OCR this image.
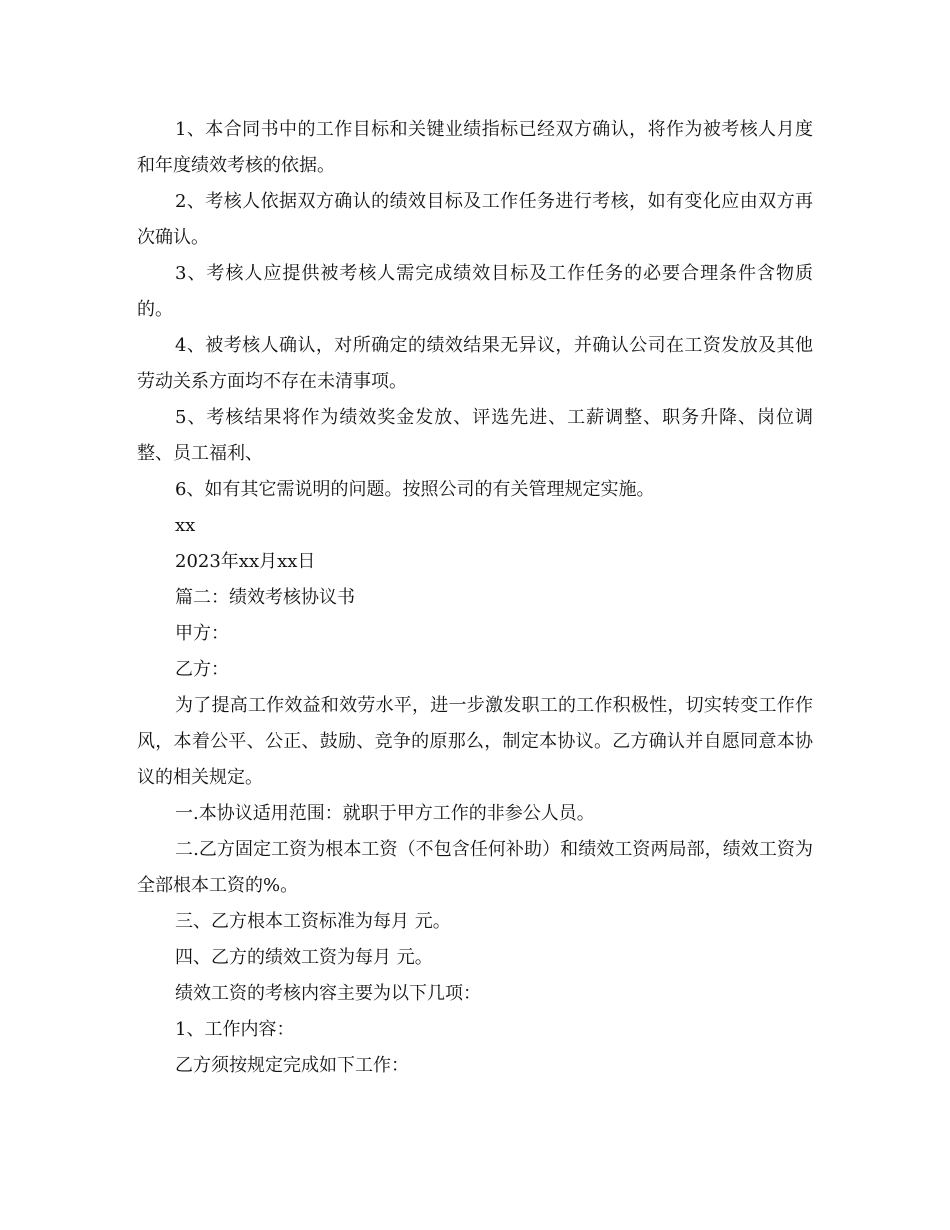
1、本合同书中的工作目标和关键业绩指标已经双方确认，将作为被考核人月度和年度绩效考核的依据。

2、考核人依据双方确认的绩效目标及工作任务进行考核，如有变化应由双方再次确认。

3、考核人应提供被考核人需完成绩效目标及工作任务的必要合理条件含物质的。

4、被考核人确认，对所确定的绩效结果无异议，并确认公司在工资发放及其他劳动关系方面均不存在未清事项。

5、考核结果将作为绩效奖金发放、评选先进、工薪调整、职务升降、岗位调整、员工福利、

6、如有其它需说明的问题。按照公司的有关管理规定实施。

xx

2023年xx月xx日

篇二：绩效考核协议书

甲方：

乙方：

为了提高工作效益和效劳水平，进一步激发职工的工作积极性，切实转变工作作风，本着公平、公正、鼓励、竞争的原那么，制定本协议。乙方确认并自愿同意本协议的相关规定。

一.本协议适用范围：就职于甲方工作的非参公人员。

二.乙方固定工资为根本工资（不包含任何补助）和绩效工资两局部，绩效工资为全部根本工资的%。

三、乙方根本工资标准为每月 元。

四、乙方的绩效工资为每月 元。

绩效工资的考核内容主要为以下几项：

1、工作内容：

乙方须按规定完成如下工作：
